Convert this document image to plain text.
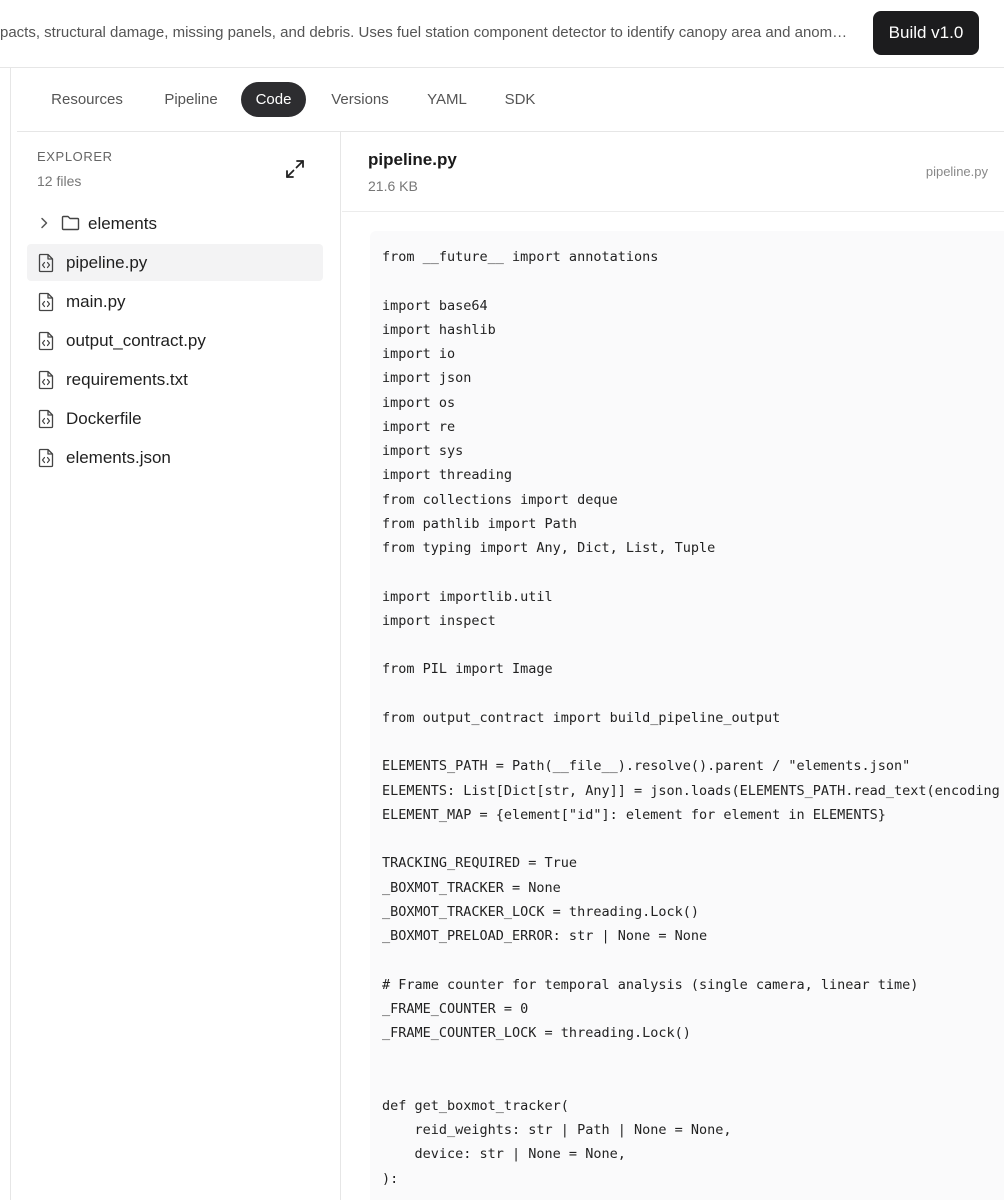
pacts, structural damage, missing panels, and debris. Uses fuel station component detector to identify canopy area and anom…	Build v1.0
Resources	Pipeline	Code	Versions	YAML	SDK
EXPLORER
12 files
elements
pipeline.py
main.py
output_contract.py
requirements.txt
Dockerfile
elements.json
pipeline.py
21.6 KB
pipeline.py
from __future__ import annotations
import base64
import hashlib
import io
import json
import os
import re
import sys
import threading
from collections import deque
from pathlib import Path
from typing import Any, Dict, List, Tuple
import importlib.util
import inspect
from PIL import Image
from output_contract import build_pipeline_output
ELEMENTS_PATH = Path(__file__).resolve().parent / "elements.json"
ELEMENTS: List[Dict[str, Any]] = json.loads(ELEMENTS_PATH.read_text(encoding
ELEMENT_MAP = {element["id"]: element for element in ELEMENTS}
TRACKING_REQUIRED = True
_BOXMOT_TRACKER = None
_BOXMOT_TRACKER_LOCK = threading.Lock()
_BOXMOT_PRELOAD_ERROR: str | None = None
# Frame counter for temporal analysis (single camera, linear time)
_FRAME_COUNTER = 0
_FRAME_COUNTER_LOCK = threading.Lock()
def get_boxmot_tracker(
reid_weights: str | Path | None = None,
device: str | None = None,
):
